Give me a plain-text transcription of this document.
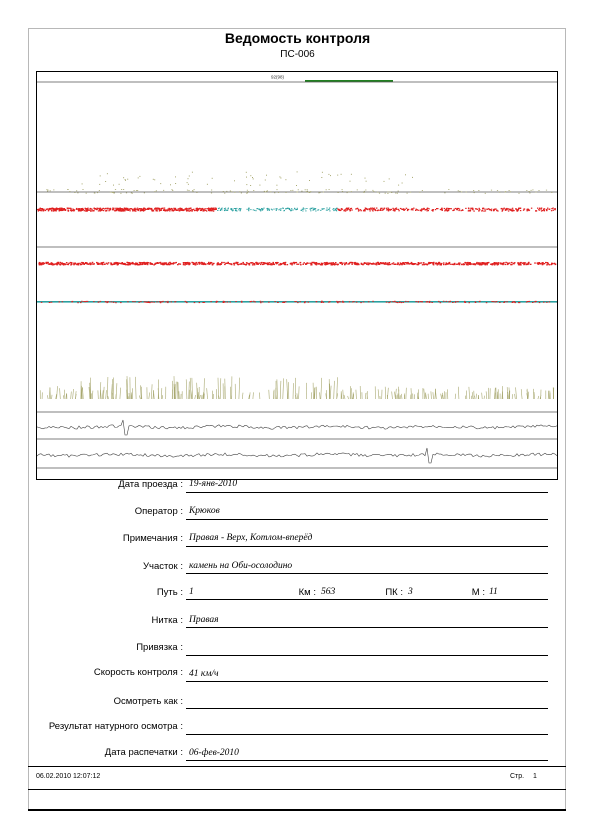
Ведомость контроля
ПС-006
92(98)
Дата проезда : 19-янв-2010
Оператор : Крюков
Примечания : Правая - Верх, Котлом-вперёд
Участок : камень на Оби-осолодино
Путь : 1	Км : 563	ПК : 3	М : 11
Нитка : Правая
Привязка :
Скорость контроля : 41 км/ч
Осмотреть как :
Результат натурного осмотра :
Дата распечатки : 06-фев-2010
06.02.2010 12:07:12	Стр. 1
